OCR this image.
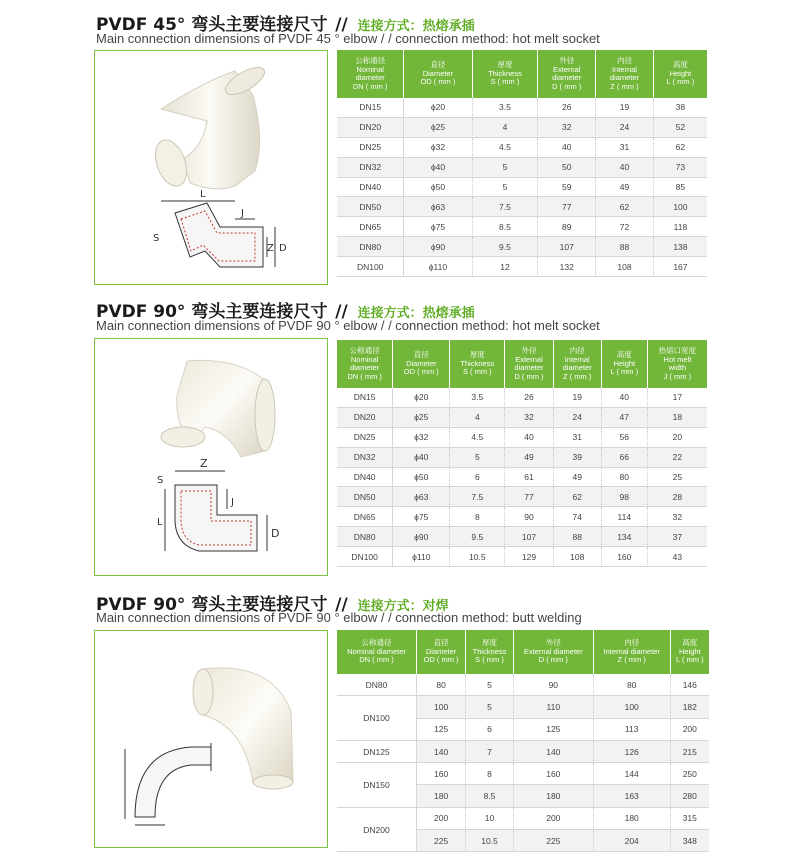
PVDF 45° 弯头主要连接尺寸 // 连接方式：热熔承插
Main connection dimensions of PVDF 45 ° elbow / / connection method: hot melt socket
L
S
J
Z D
公称通径
Nominal
diameter
DN ( mm )	直径
Diameter
OD ( mm )	厚度
Thickness
S ( mm )	外径
External
diameter
D ( mm )	内径
Internal
diameter
Z ( mm )	高度
Height
L ( mm )
DN15	ϕ20	3.5	26	19	38
DN20	ϕ25	4	32	24	52
DN25	ϕ32	4.5	40	31	62
DN32	ϕ40	5	50	40	73
DN40	ϕ50	5	59	49	85
DN50	ϕ63	7.5	77	62	100
DN65	ϕ75	8.5	89	72	118
DN80	ϕ90	9.5	107	88	138
DN100	ϕ110	12	132	108	167
PVDF 90° 弯头主要连接尺寸 // 连接方式：热熔承插
Main connection dimensions of PVDF 90 ° elbow / / connection method: hot melt socket
Z
S
L
J
D
公称通径
Nominal
diameter
DN ( mm )	直径
Diameter
OD ( mm )	厚度
Thickness
S ( mm )	外径
External
diameter
D ( mm )	内径
Internal
diameter
Z ( mm )	高度
Height
L ( mm )	热熔口宽度
Hot melt
width
J ( mm )
DN15	ϕ20	3.5	26	19	40	17
DN20	ϕ25	4	32	24	47	18
DN25	ϕ32	4.5	40	31	56	20
DN32	ϕ40	5	49	39	66	22
DN40	ϕ50	6	61	49	80	25
DN50	ϕ63	7.5	77	62	98	28
DN65	ϕ75	8	90	74	114	32
DN80	ϕ90	9.5	107	88	134	37
DN100	ϕ110	10.5	129	108	160	43
PVDF 90° 弯头主要连接尺寸 // 连接方式：对焊
Main connection dimensions of PVDF 90 ° elbow / / connection method: butt welding
公称通径
Nominal diameter
DN ( mm )	直径
Diameter
OD ( mm )	厚度
Thickness
S ( mm )	外径
External diameter
D ( mm )	内径
Internal diameter
Z ( mm )	高度
Height
L ( mm )
DN80	80	5	90	80	146
DN100	100	5	110	100	182
	125	6	125	113	200
DN125	140	7	140	126	215
DN150	160	8	160	144	250
	180	8.5	180	163	280
DN200	200	10	200	180	315
	225	10.5	225	204	348
